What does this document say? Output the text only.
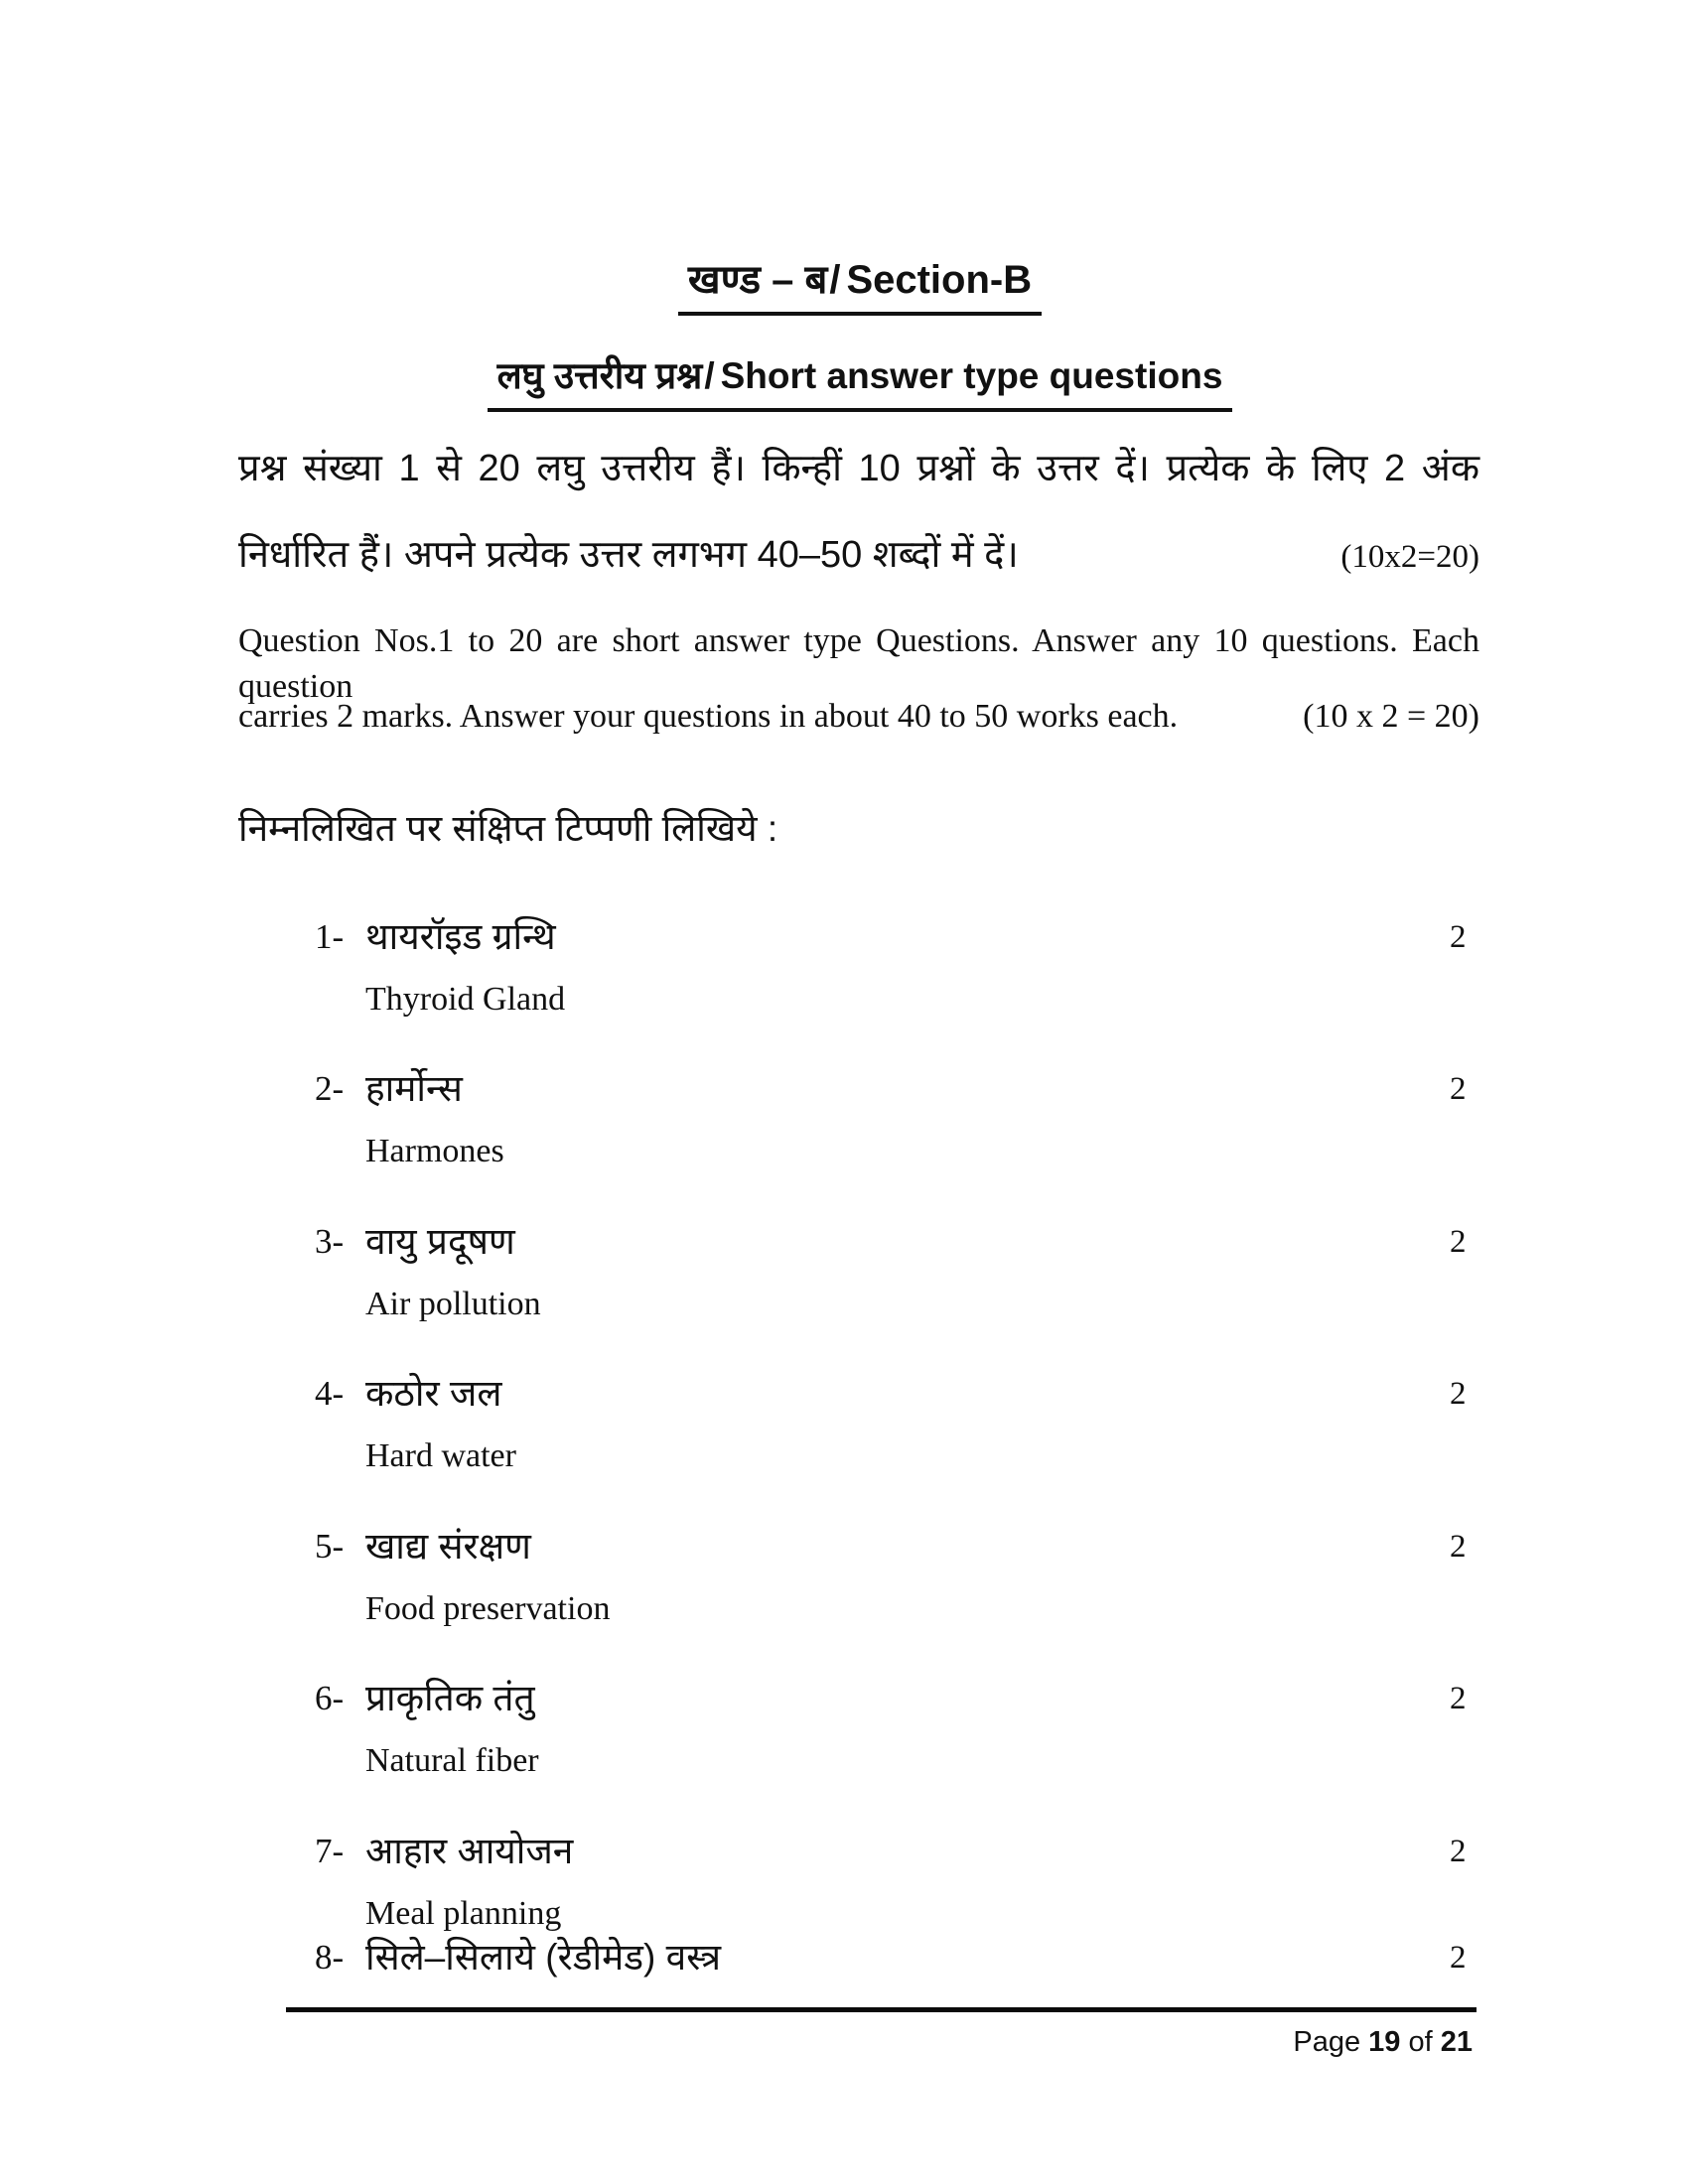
खण्ड – ब/ Section-B
लघु उत्तरीय प्रश्न/ Short answer type questions
प्रश्न संख्या 1 से 20 लघु उत्तरीय हैं। किन्हीं 10 प्रश्नों के उत्तर दें। प्रत्येक के लिए 2 अंक
निर्धारित हैं। अपने प्रत्येक उत्तर लगभग 40–50 शब्दों में दें।	(10x2=20)
Question Nos.1 to 20 are short answer type Questions. Answer any 10 questions. Each question
carries 2 marks. Answer your questions in about 40 to 50 works each.	(10 x 2 = 20)
निम्नलिखित पर संक्षिप्त टिप्पणी लिखिये :
1- थायरॉइड ग्रन्थि	2
Thyroid Gland
2- हार्मोन्स	2
Harmones
3- वायु प्रदूषण	2
Air pollution
4- कठोर जल	2
Hard water
5- खाद्य संरक्षण	2
Food preservation
6- प्राकृतिक तंतु	2
Natural fiber
7- आहार आयोजन	2
Meal planning
8- सिले–सिलाये (रेडीमेड) वस्त्र	2
Page 19 of 21
